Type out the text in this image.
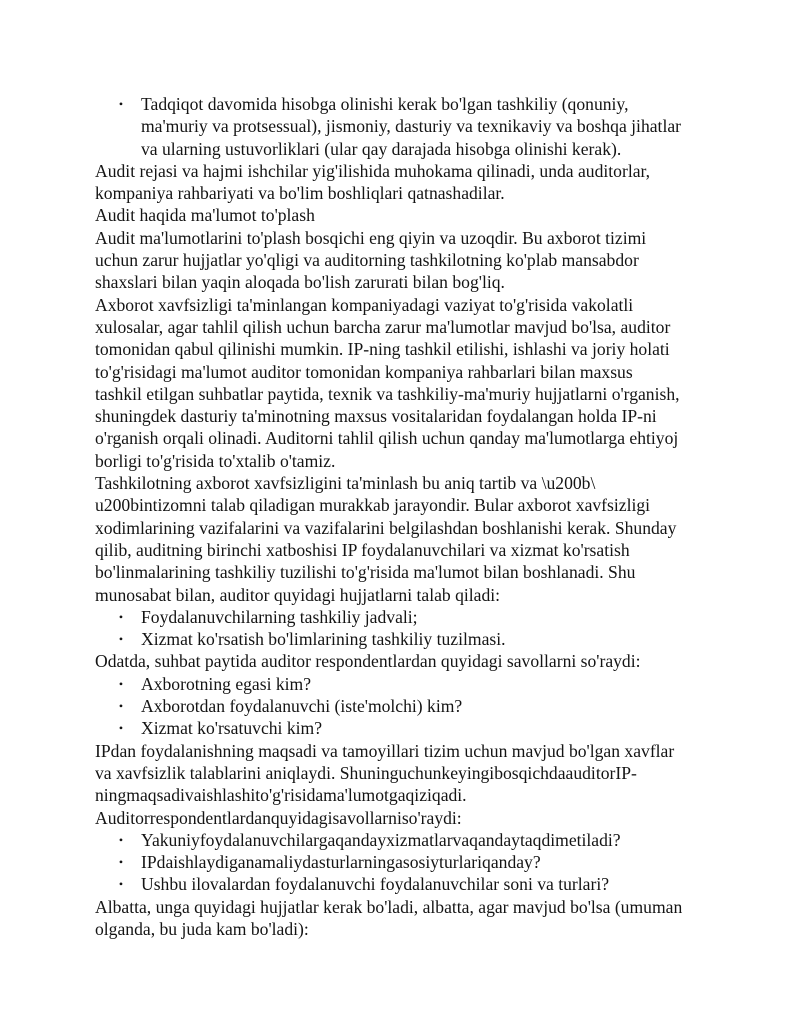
• Tadqiqot davomida hisobga olinishi kerak bo'lgan tashkiliy (qonuniy,
ma'muriy va protsessual), jismoniy, dasturiy va texnikaviy va boshqa jihatlar
va ularning ustuvorliklari (ular qay darajada hisobga olinishi kerak).

Audit rejasi va hajmi ishchilar yig'ilishida muhokama qilinadi, unda auditorlar,
kompaniya rahbariyati va bo'lim boshliqlari qatnashadilar.

Audit haqida ma'lumot to'plash

Audit ma'lumotlarini to'plash bosqichi eng qiyin va uzoqdir. Bu axborot tizimi
uchun zarur hujjatlar yo'qligi va auditorning tashkilotning ko'plab mansabdor
shaxslari bilan yaqin aloqada bo'lish zarurati bilan bog'liq.

Axborot xavfsizligi ta'minlangan kompaniyadagi vaziyat to'g'risida vakolatli
xulosalar, agar tahlil qilish uchun barcha zarur ma'lumotlar mavjud bo'lsa, auditor
tomonidan qabul qilinishi mumkin. IP-ning tashkil etilishi, ishlashi va joriy holati
to'g'risidagi ma'lumot auditor tomonidan kompaniya rahbarlari bilan maxsus
tashkil etilgan suhbatlar paytida, texnik va tashkiliy-ma'muriy hujjatlarni o'rganish,
shuningdek dasturiy ta'minotning maxsus vositalaridan foydalangan holda IP-ni
o'rganish orqali olinadi. Auditorni tahlil qilish uchun qanday ma'lumotlarga ehtiyoj
borligi to'g'risida to'xtalib o'tamiz.

Tashkilotning axborot xavfsizligini ta'minlash bu aniq tartib va \u200b\
u200bintizomni talab qiladigan murakkab jarayondir. Bular axborot xavfsizligi
xodimlarining vazifalarini va vazifalarini belgilashdan boshlanishi kerak. Shunday
qilib, auditning birinchi xatboshisi IP foydalanuvchilari va xizmat ko'rsatish
bo'linmalarining tashkiliy tuzilishi to'g'risida ma'lumot bilan boshlanadi. Shu
munosabat bilan, auditor quyidagi hujjatlarni talab qiladi:

• Foydalanuvchilarning tashkiliy jadvali;
• Xizmat ko'rsatish bo'limlarining tashkiliy tuzilmasi.

Odatda, suhbat paytida auditor respondentlardan quyidagi savollarni so'raydi:

• Axborotning egasi kim?
• Axborotdan foydalanuvchi (iste'molchi) kim?
• Xizmat ko'rsatuvchi kim?

IPdan foydalanishning maqsadi va tamoyillari tizim uchun mavjud bo'lgan xavflar
va xavfsizlik talablarini aniqlaydi. ShuninguchunkeyingibosqichdaauditorIP-
ningmaqsadivaishlashito'g'risidama'lumotgaqiziqadi.
Auditorrespondentlardanquyidagisavollarniso'raydi:

• Yakuniyfoydalanuvchilargaqandayxizmatlarvaqandaytaqdimetiladi?
• IPdaishlaydiganamaliydasturlarningasosiyturlariqanday?
• Ushbu ilovalardan foydalanuvchi foydalanuvchilar soni va turlari?

Albatta, unga quyidagi hujjatlar kerak bo'ladi, albatta, agar mavjud bo'lsa (umuman
olganda, bu juda kam bo'ladi):
